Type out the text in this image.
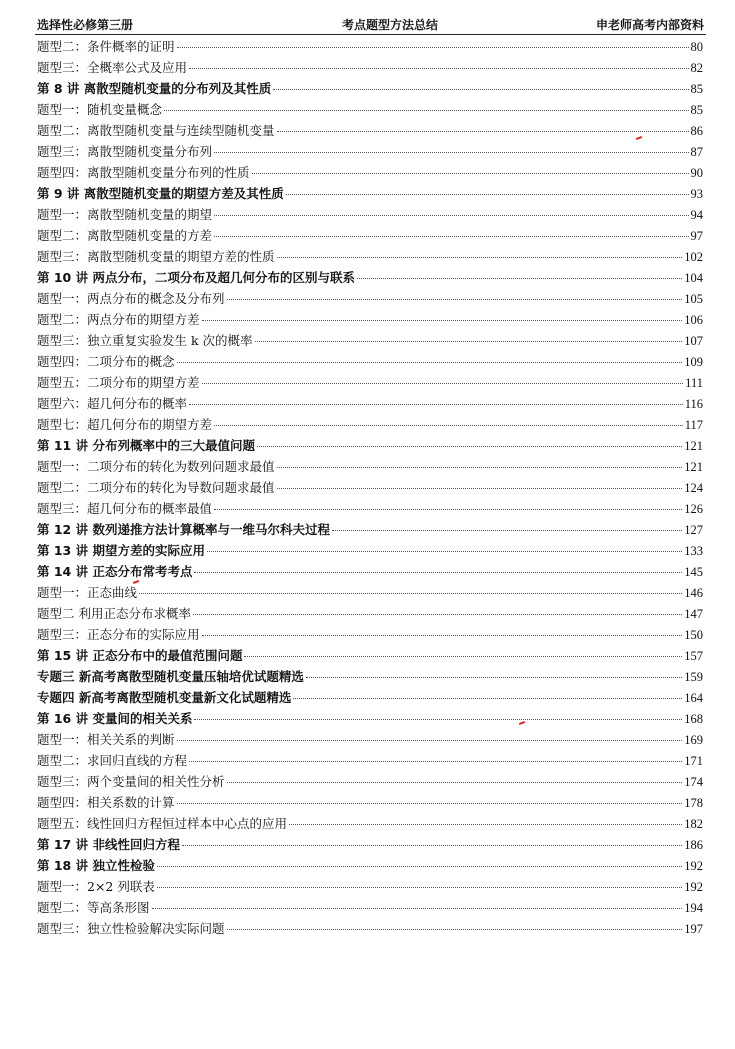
选择性必修第三册	考点题型方法总结	申老师高考内部资料
题型二：条件概率的证明	80
题型三：全概率公式及应用	82
第 8 讲 离散型随机变量的分布列及其性质	85
题型一：随机变量概念	85
题型二：离散型随机变量与连续型随机变量	86
题型三：离散型随机变量分布列	87
题型四：离散型随机变量分布列的性质	90
第 9 讲 离散型随机变量的期望方差及其性质	93
题型一：离散型随机变量的期望	94
题型二：离散型随机变量的方差	97
题型三：离散型随机变量的期望方差的性质	102
第 10 讲 两点分布，二项分布及超几何分布的区别与联系	104
题型一：两点分布的概念及分布列	105
题型二：两点分布的期望方差	106
题型三：独立重复实验发生 k 次的概率	107
题型四：二项分布的概念	109
题型五：二项分布的期望方差	111
题型六：超几何分布的概率	116
题型七：超几何分布的期望方差	117
第 11 讲 分布列概率中的三大最值问题	121
题型一：二项分布的转化为数列问题求最值	121
题型二：二项分布的转化为导数问题求最值	124
题型三：超几何分布的概率最值	126
第 12 讲 数列递推方法计算概率与一维马尔科夫过程	127
第 13 讲 期望方差的实际应用	133
第 14 讲 正态分布常考考点	145
题型一：正态曲线	146
题型二 利用正态分布求概率	147
题型三：正态分布的实际应用	150
第 15 讲 正态分布中的最值范围问题	157
专题三 新高考离散型随机变量压轴培优试题精选	159
专题四 新高考离散型随机变量新文化试题精选	164
第 16 讲 变量间的相关关系	168
题型一：相关关系的判断	169
题型二：求回归直线的方程	171
题型三：两个变量间的相关性分析	174
题型四：相关系数的计算	178
题型五：线性回归方程恒过样本中心点的应用	182
第 17 讲 非线性回归方程	186
第 18 讲 独立性检验	192
题型一：2×2 列联表	192
题型二：等高条形图	194
题型三：独立性检验解决实际问题	197
